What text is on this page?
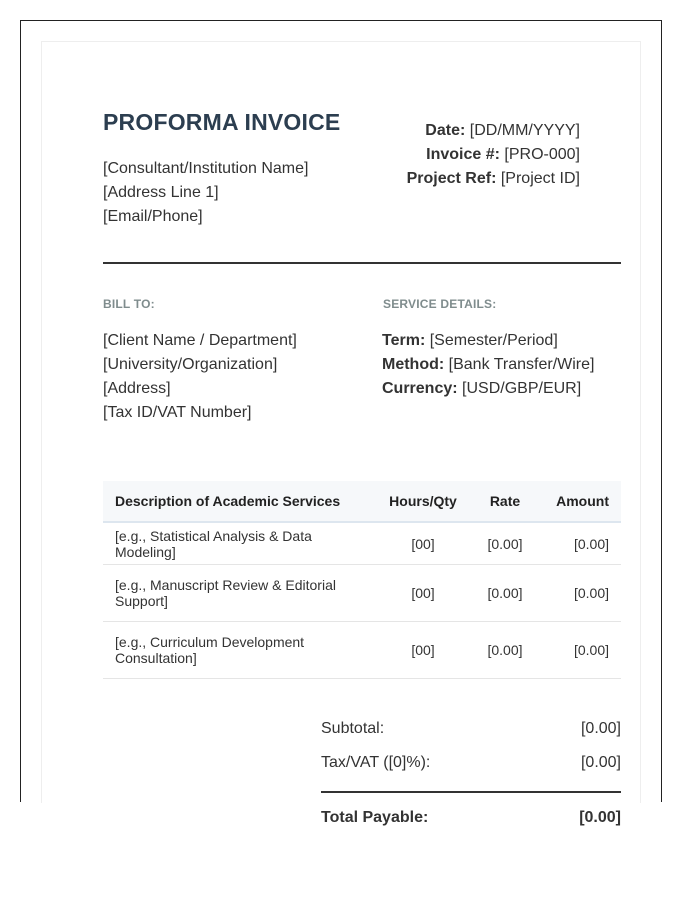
PROFORMA INVOICE
[Consultant/Institution Name]
[Address Line 1]
[Email/Phone]
Date: [DD/MM/YYYY]
Invoice #: [PRO-000]
Project Ref: [Project ID]
BILL TO:	SERVICE DETAILS:
[Client Name / Department]
[University/Organization]
[Address]
[Tax ID/VAT Number]
Term: [Semester/Period]
Method: [Bank Transfer/Wire]
Currency: [USD/GBP/EUR]
Description of Academic Services	Hours/Qty	Rate	Amount
[e.g., Statistical Analysis & Data Modeling]	[00]	[0.00]	[0.00]
[e.g., Manuscript Review & Editorial Support]	[00]	[0.00]	[0.00]
[e.g., Curriculum Development Consultation]	[00]	[0.00]	[0.00]
Subtotal:	[0.00]
Tax/VAT ([0]%):	[0.00]
Total Payable:	[0.00]
